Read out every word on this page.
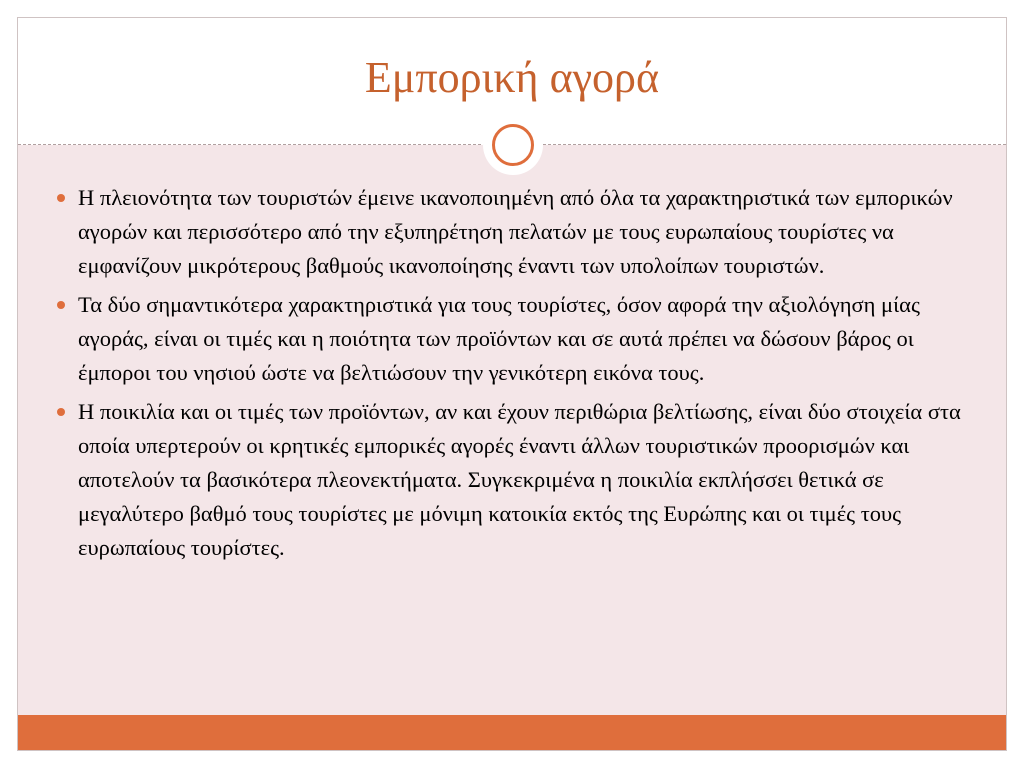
Εμπορική αγορά
Η πλειονότητα των τουριστών έμεινε ικανοποιημένη από όλα τα χαρακτηριστικά των εμπορικών αγορών και περισσότερο από την εξυπηρέτηση πελατών με τους ευρωπαίους τουρίστες να εμφανίζουν μικρότερους βαθμούς ικανοποίησης έναντι των υπολοίπων τουριστών.
Τα δύο σημαντικότερα χαρακτηριστικά για τους τουρίστες, όσον αφορά την αξιολόγηση μίας αγοράς, είναι οι τιμές και η ποιότητα των προϊόντων και σε αυτά πρέπει να δώσουν βάρος οι έμποροι του νησιού ώστε να βελτιώσουν την γενικότερη εικόνα τους.
Η ποικιλία και οι τιμές των προϊόντων, αν και έχουν περιθώρια βελτίωσης, είναι δύο στοιχεία στα οποία υπερτερούν οι κρητικές εμπορικές αγορές έναντι άλλων τουριστικών προορισμών και αποτελούν τα βασικότερα πλεονεκτήματα. Συγκεκριμένα η ποικιλία εκπλήσσει θετικά σε μεγαλύτερο βαθμό τους τουρίστες με μόνιμη κατοικία εκτός της Ευρώπης και οι τιμές τους ευρωπαίους τουρίστες.
